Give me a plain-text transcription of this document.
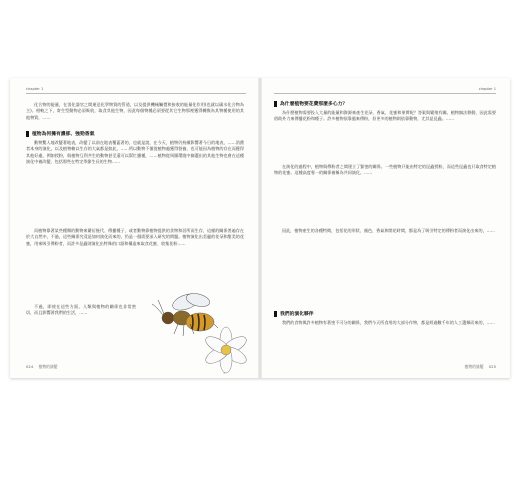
chapter 1

化合物的能量，在消化器官之間運送化學物質的管道，以及提供機械觸覺和接收的能量化作用(也就以碳水化合物為主)。相較之下，寄生型動物必須吸收，取食其他生物，因此每個物種必須要從其它生物那裡獲得轉換為其物種使用的其他物質，……

植物為何擁有濃郁、強勁香氣

動物驚人地改變著地表，改變了以前在地表覆蓋著的，也就是說，在今天，植物仍持續影響著今日的地表，……消費者本身的演化，以及植物賴以生存的大氣都是如此，……所以動物不僅從植物處獲得營養，也可能因為植物的存在而獲得其他好處，例如授粉，與植物互利共生的動物甚至還可以幫忙播種，……植物從周圍環境中篩選出的其他生物也會在這種演化中被改變，包括那些在特定季節生長的生物……

而植物靠著某些種類的動物來繁衍後代、傳播種子，或者動物靠植物提供的食物和居所而生存，這樣的關係普遍存在於大自然中，不過，這些關係究竟是如何演化而來的，仍是一個需要深入研究的問題。植物演化出美麗的花朵和甜美的花蜜，用來吸引傳粉者，而許多昆蟲則演化出特殊的口器和構造來取食花蜜、收集花粉……

不過，即使在這些方面，人類與植物的關係也非常密切，而且影響著我們的生活，……

024 植物的演變
chapter 1
為什麼植物要花費那麼多心力？

為什麼植物需要投入大量的能量和資源來產生花朵、香氣、花蜜和果實呢？答案與繁殖有關。植物無法移動，因此需要借助外力來傳播花粉和種子。許多植物依靠風來傳粉，但更多的植物則依靠動物，尤其是昆蟲。……

在演化的過程中，植物與傳粉者之間建立了緊密的關係。一些植物只能由特定的昆蟲授粉，而這些昆蟲也只取食特定植物的花蜜。這種高度專一的關係被稱為共同演化。……

因此，植物產生的各種特徵，包括花的形狀、顏色、香氣和開花時間，都是為了吸引特定的傳粉者而演化出來的，……

我們的演化夥伴

我們的食物與許多植物有著密不可分的關係，我們今天所食用的大部分作物，都是經過數千年的人工選擇而來的，……

植物的演變 025
